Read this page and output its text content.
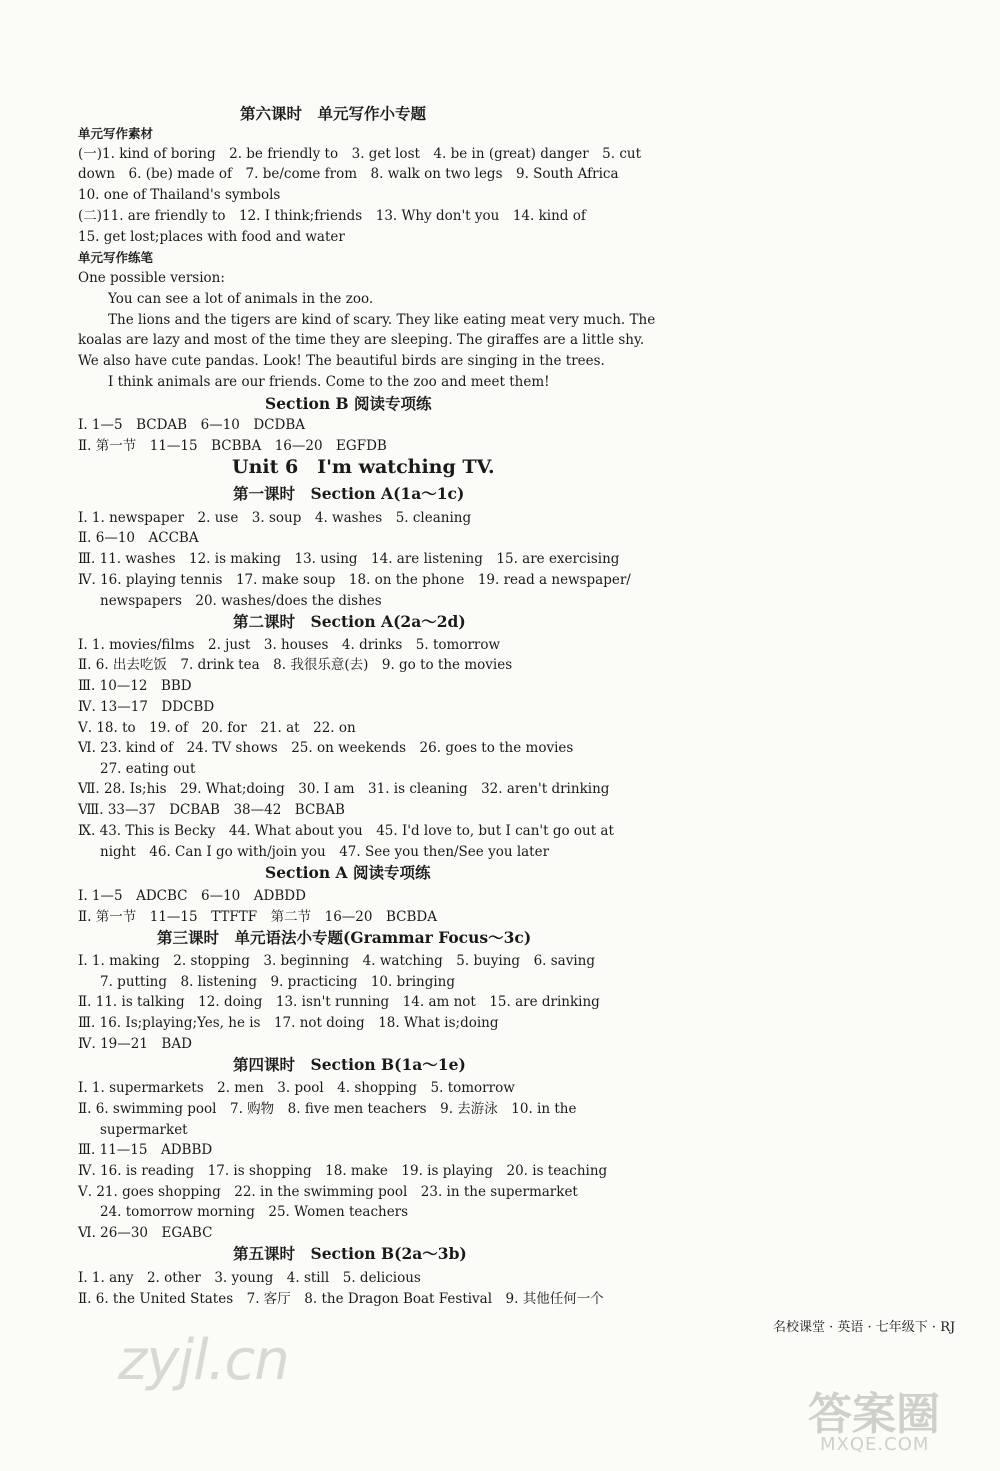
第六课时　单元写作小专题
单元写作素材
(一)1. kind of boring　2. be friendly to　3. get lost　4. be in (great) danger　5. cut
down　6. (be) made of　7. be/come from　8. walk on two legs　9. South Africa
10. one of Thailand's symbols
(二)11. are friendly to　12. I think;friends　13. Why don't you　14. kind of
15. get lost;places with food and water
单元写作练笔
One possible version:
You can see a lot of animals in the zoo.
The lions and the tigers are kind of scary. They like eating meat very much. The
koalas are lazy and most of the time they are sleeping. The giraffes are a little shy.
We also have cute pandas. Look! The beautiful birds are singing in the trees.
I think animals are our friends. Come to the zoo and meet them!
Section B 阅读专项练
Ⅰ. 1—5　BCDAB　6—10　DCDBA
Ⅱ. 第一节　11—15　BCBBA　16—20　EGFDB
Unit 6　I'm watching TV.
第一课时　Section A(1a～1c)
Ⅰ. 1. newspaper　2. use　3. soup　4. washes　5. cleaning
Ⅱ. 6—10　ACCBA
Ⅲ. 11. washes　12. is making　13. using　14. are listening　15. are exercising
Ⅳ. 16. playing tennis　17. make soup　18. on the phone　19. read a newspaper/
newspapers　20. washes/does the dishes
第二课时　Section A(2a～2d)
Ⅰ. 1. movies/films　2. just　3. houses　4. drinks　5. tomorrow
Ⅱ. 6. 出去吃饭　7. drink tea　8. 我很乐意(去)　9. go to the movies
Ⅲ. 10—12　BBD
Ⅳ. 13—17　DDCBD
Ⅴ. 18. to　19. of　20. for　21. at　22. on
Ⅵ. 23. kind of　24. TV shows　25. on weekends　26. goes to the movies
27. eating out
Ⅶ. 28. Is;his　29. What;doing　30. I am　31. is cleaning　32. aren't drinking
Ⅷ. 33—37　DCBAB　38—42　BCBAB
Ⅸ. 43. This is Becky　44. What about you　45. I'd love to, but I can't go out at
night　46. Can I go with/join you　47. See you then/See you later
Section A 阅读专项练
Ⅰ. 1—5　ADCBC　6—10　ADBDD
Ⅱ. 第一节　11—15　TTFTF　第二节　16—20　BCBDA
第三课时　单元语法小专题(Grammar Focus～3c)
Ⅰ. 1. making　2. stopping　3. beginning　4. watching　5. buying　6. saving
7. putting　8. listening　9. practicing　10. bringing
Ⅱ. 11. is talking　12. doing　13. isn't running　14. am not　15. are drinking
Ⅲ. 16. Is;playing;Yes, he is　17. not doing　18. What is;doing
Ⅳ. 19—21　BAD
第四课时　Section B(1a～1e)
Ⅰ. 1. supermarkets　2. men　3. pool　4. shopping　5. tomorrow
Ⅱ. 6. swimming pool　7. 购物　8. five men teachers　9. 去游泳　10. in the
supermarket
Ⅲ. 11—15　ADBBD
Ⅳ. 16. is reading　17. is shopping　18. make　19. is playing　20. is teaching
Ⅴ. 21. goes shopping　22. in the swimming pool　23. in the supermarket
24. tomorrow morning　25. Women teachers
Ⅵ. 26—30　EGABC
第五课时　Section B(2a～3b)
Ⅰ. 1. any　2. other　3. young　4. still　5. delicious
Ⅱ. 6. the United States　7. 客厅　8. the Dragon Boat Festival　9. 其他任何一个
名校课堂 · 英语 · 七年级下 · RJ
zyjl.cn
答案圈
MXQE.COM
